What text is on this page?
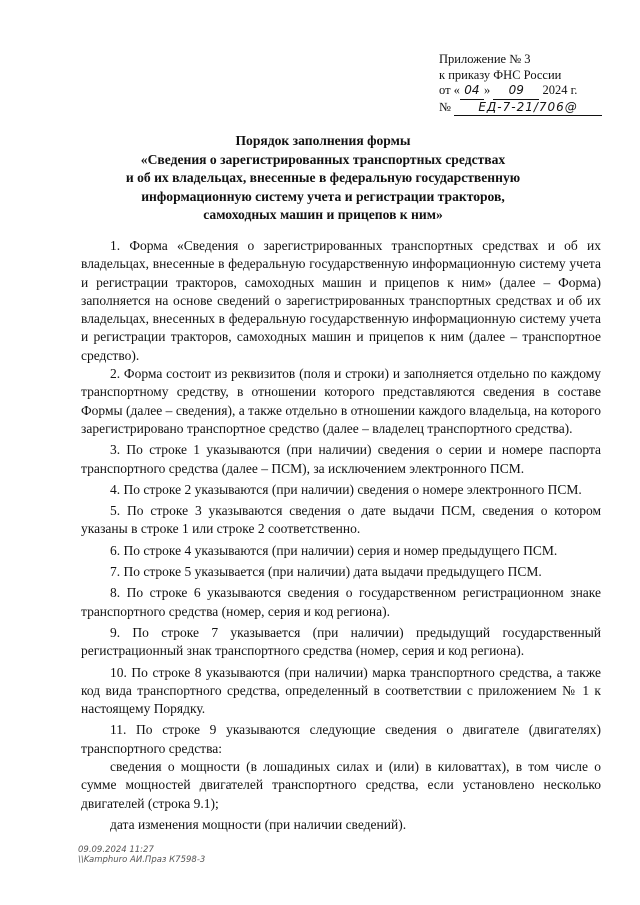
Приложение № 3
к приказу ФНС России
от « 04 » 09 2024 г.
№ ЕД-7-21/706@
Порядок заполнения формы
«Сведения о зарегистрированных транспортных средствах
и об их владельцах, внесенные в федеральную государственную
информационную систему учета и регистрации тракторов,
самоходных машин и прицепов к ним»

1. Форма «Сведения о зарегистрированных транспортных средствах и об их владельцах, внесенные в федеральную государственную информационную систему учета и регистрации тракторов, самоходных машин и прицепов к ним» (далее – Форма) заполняется на основе сведений о зарегистрированных транспортных средствах и об их владельцах, внесенных в федеральную государственную информационную систему учета и регистрации тракторов, самоходных машин и прицепов к ним (далее – транспортное средство).

2. Форма состоит из реквизитов (поля и строки) и заполняется отдельно по каждому транспортному средству, в отношении которого представляются сведения в составе Формы (далее – сведения), а также отдельно в отношении каждого владельца, на которого зарегистрировано транспортное средство (далее – владелец транспортного средства).

3. По строке 1 указываются (при наличии) сведения о серии и номере паспорта транспортного средства (далее – ПСМ), за исключением электронного ПСМ.

4. По строке 2 указываются (при наличии) сведения о номере электронного ПСМ.

5. По строке 3 указываются сведения о дате выдачи ПСМ, сведения о котором указаны в строке 1 или строке 2 соответственно.

6. По строке 4 указываются (при наличии) серия и номер предыдущего ПСМ.

7. По строке 5 указывается (при наличии) дата выдачи предыдущего ПСМ.

8. По строке 6 указываются сведения о государственном регистрационном знаке транспортного средства (номер, серия и код региона).

9. По строке 7 указывается (при наличии) предыдущий государственный регистрационный знак транспортного средства (номер, серия и код региона).

10. По строке 8 указываются (при наличии) марка транспортного средства, а также код вида транспортного средства, определенный в соответствии с приложением № 1 к настоящему Порядку.

11. По строке 9 указываются следующие сведения о двигателе (двигателях) транспортного средства:

сведения о мощности (в лошадиных силах и (или) в киловаттах), в том числе о сумме мощностей двигателей транспортного средства, если установлено несколько двигателей (строка 9.1);

дата изменения мощности (при наличии сведений).

09.09.2024 11:27
\\Kamphuro АИ.Праз К7598-3
